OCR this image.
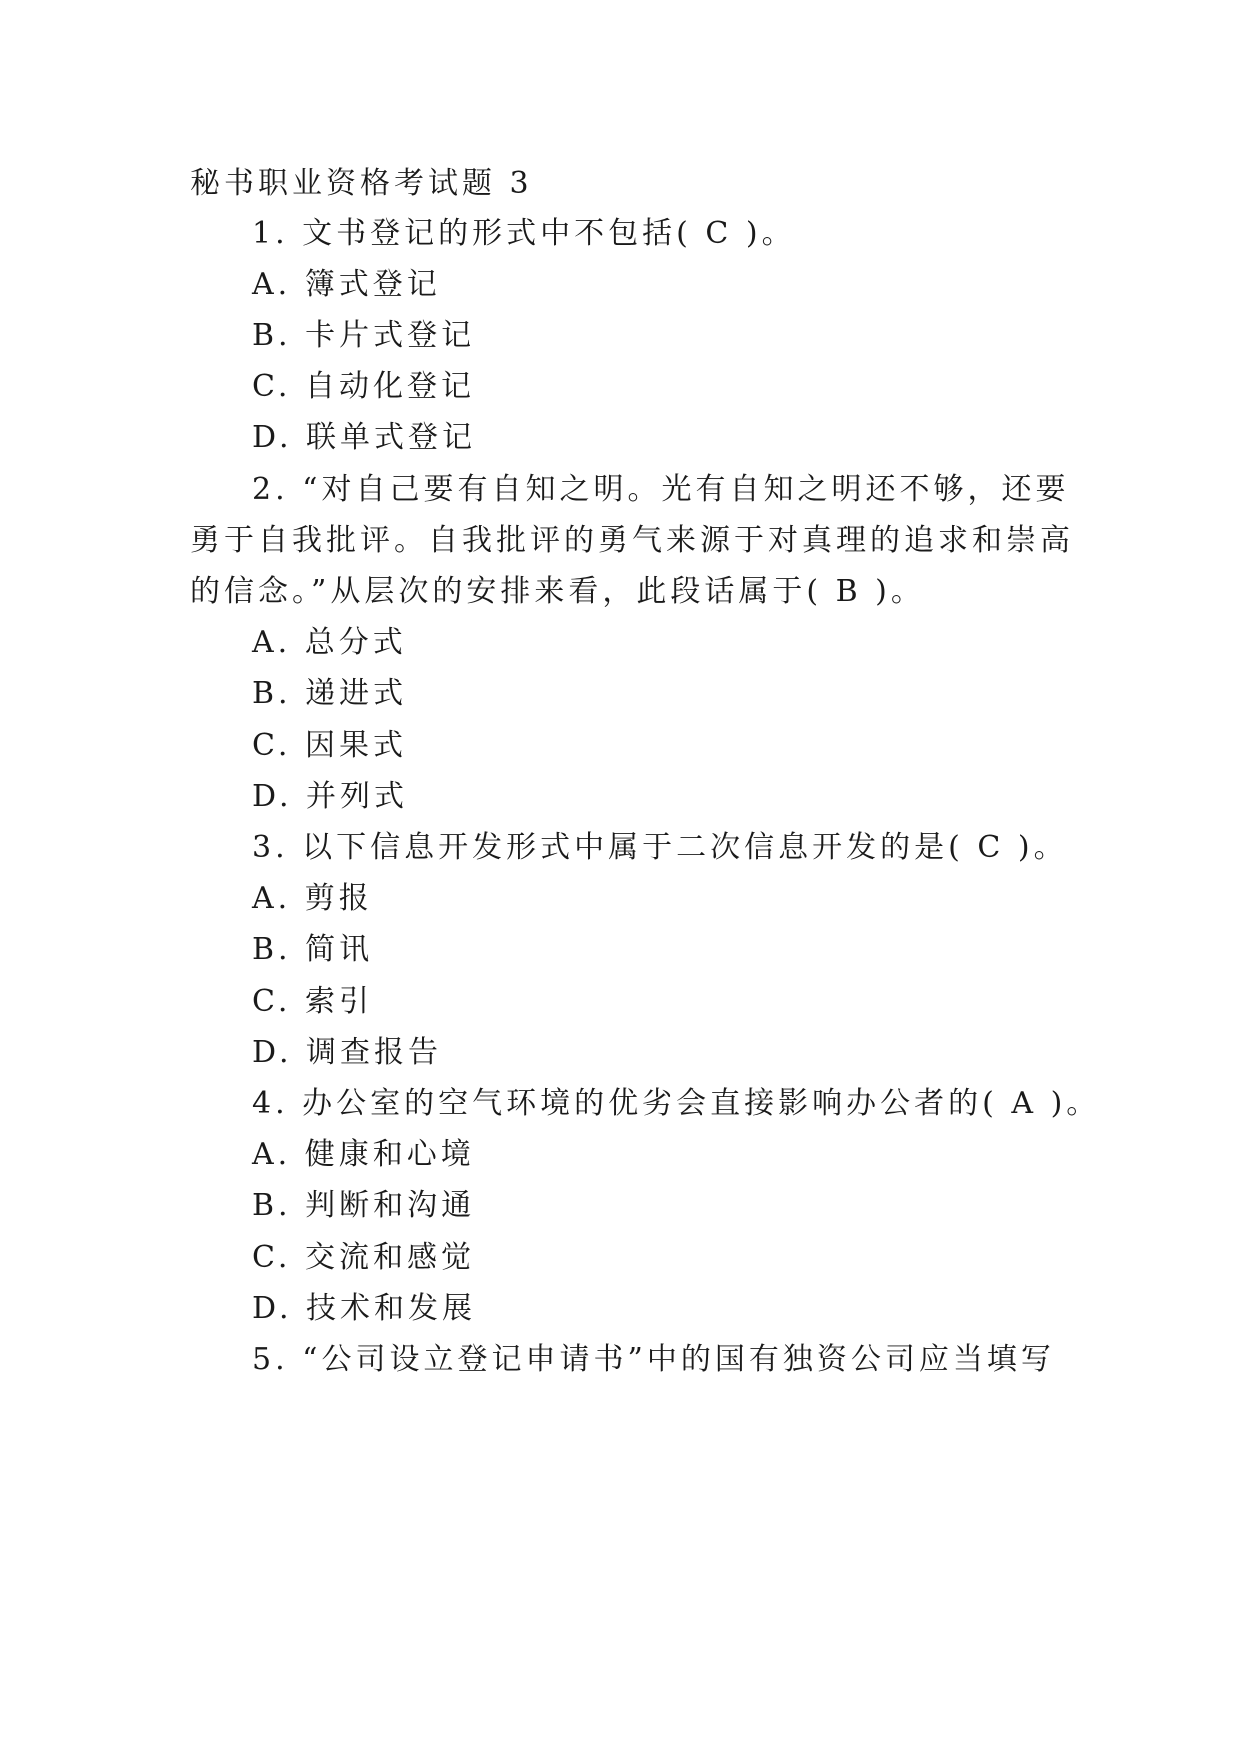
秘书职业资格考试题 3
1. 文书登记的形式中不包括( C )。
A. 簿式登记
B. 卡片式登记
C. 自动化登记
D. 联单式登记
2. “对自己要有自知之明。光有自知之明还不够，还要
勇于自我批评。自我批评的勇气来源于对真理的追求和崇高
的信念。”从层次的安排来看，此段话属于( B )。
A. 总分式
B. 递进式
C. 因果式
D. 并列式
3. 以下信息开发形式中属于二次信息开发的是( C )。
A. 剪报
B. 简讯
C. 索引
D. 调查报告
4. 办公室的空气环境的优劣会直接影响办公者的( A )。
A. 健康和心境
B. 判断和沟通
C. 交流和感觉
D. 技术和发展
5. “公司设立登记申请书”中的国有独资公司应当填写
